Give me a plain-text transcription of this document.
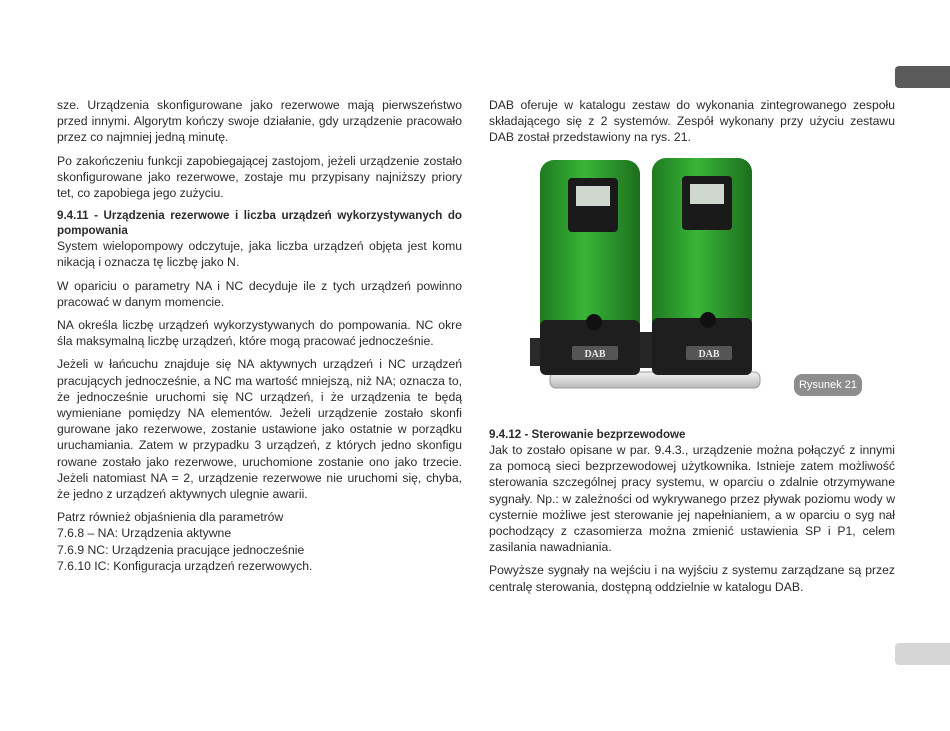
sze. Urządzenia skonfigurowane jako rezerwowe mają pierwszeństwo przed innymi. Algorytm kończy swoje działanie, gdy urządzenie pracowało przez co najmniej jedną minutę.

Po zakończeniu funkcji zapobiegającej zastojom, jeżeli urządzenie zostało skonfigurowane jako rezerwowe, zostaje mu przypisany najniższy priory tet, co zapobiega jego zużyciu.

9.4.11 - Urządzenia rezerwowe i liczba urządzeń wykorzystywanych do pompowania

System wielopompowy odczytuje, jaka liczba urządzeń objęta jest komu nikacją i oznacza tę liczbę jako N.

W opariciu o parametry NA i NC decyduje ile z tych urządzeń powinno pracować w danym momencie.

NA określa liczbę urządzeń wykorzystywanych do pompowania. NC okre śla maksymalną liczbę urządzeń, które mogą pracować jednocześnie.

Jeżeli w łańcuchu znajduje się NA aktywnych urządzeń i NC urządzeń pracujących jednocześnie, a NC ma wartość mniejszą, niż NA; oznacza to, że jednocześnie uruchomi się NC urządzeń, i że urządzenia te będą wymieniane pomiędzy NA elementów. Jeżeli urządzenie zostało skonfi gurowane jako rezerwowe, zostanie ustawione jako ostatnie w porządku uruchamiania. Zatem w przypadku 3 urządzeń, z których jedno skonfigu rowane zostało jako rezerwowe, uruchomione zostanie ono jako trzecie. Jeżeli natomiast NA = 2, urządzenie rezerwowe nie uruchomi się, chyba, że jedno z urządzeń aktywnych ulegnie awarii.

Patrz również objaśnienia dla parametrów

7.6.8 – NA: Urządzenia aktywne

7.6.9 NC: Urządzenia pracujące jednocześnie

7.6.10 IC: Konfiguracja urządzeń rezerwowych.

DAB oferuje w katalogu zestaw do wykonania zintegrowanego zespołu składającego się z 2 systemów. Zespół wykonany przy użyciu zestawu DAB został przedstawiony na rys. 21.

DAB	DAB
Rysunek 21
9.4.12 - Sterowanie bezprzewodowe

Jak to zostało opisane w par. 9.4.3., urządzenie można połączyć z innymi za pomocą sieci bezprzewodowej użytkownika. Istnieje zatem możliwość sterowania szczególnej pracy systemu, w oparciu o zdalnie otrzymywane sygnały. Np.: w zależności od wykrywanego przez pływak poziomu wody w cysternie możliwe jest sterowanie jej napełnianiem, a w oparciu o syg nał pochodzący z czasomierza można zmienić ustawienia SP i P1, celem zasilania nawadniania.

Powyższe sygnały na wejściu i na wyjściu z systemu zarządzane są przez centralę sterowania, dostępną oddzielnie w katalogu DAB.
